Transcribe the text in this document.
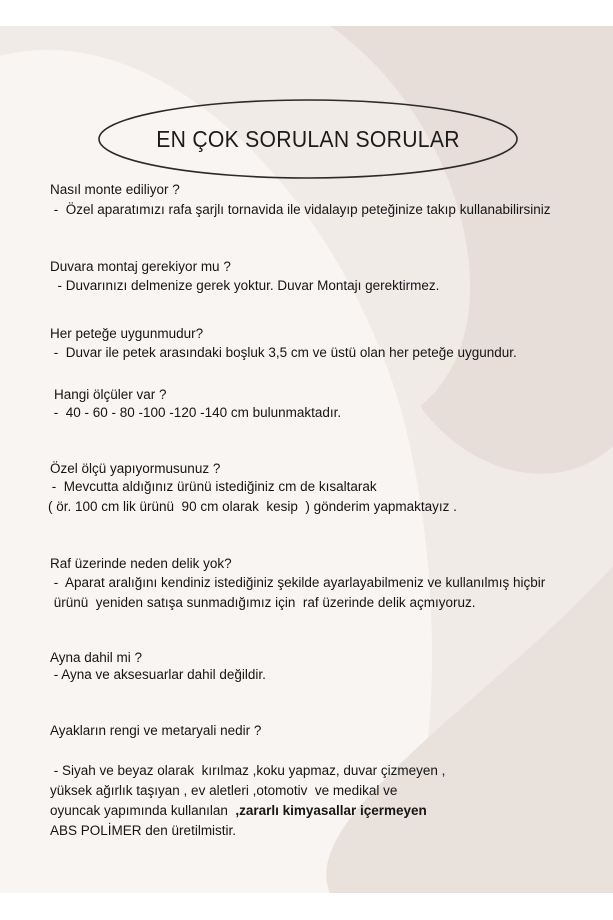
EN ÇOK SORULAN SORULAR
Nasıl monte ediliyor ?
-  Özel aparatımızı rafa şarjlı tornavida ile vidalayıp peteğinize takıp kullanabilirsiniz
Duvara montaj gerekiyor mu ?
- Duvarınızı delmenize gerek yoktur. Duvar Montajı gerektirmez.
Her peteğe uygunmudur?
-  Duvar ile petek arasındaki boşluk 3,5 cm ve üstü olan her peteğe uygundur.
Hangi ölçüler var ?
-  40 - 60 - 80 -100 -120 -140 cm bulunmaktadır.
Özel ölçü yapıyormusunuz ?
-  Mevcutta aldığınız ürünü istediğiniz cm de kısaltarak
( ör. 100 cm lik ürünü  90 cm olarak  kesip  ) gönderim yapmaktayız .
Raf üzerinde neden delik yok?
-  Aparat aralığını kendiniz istediğiniz şekilde ayarlayabilmeniz ve kullanılmış hiçbir
ürünü  yeniden satışa sunmadığımız için  raf üzerinde delik açmıyoruz.
Ayna dahil mi ?
- Ayna ve aksesuarlar dahil değildir.
Ayakların rengi ve metaryali nedir ?
- Siyah ve beyaz olarak  kırılmaz ,koku yapmaz, duvar çizmeyen ,
yüksek ağırlık taşıyan , ev aletleri ,otomotiv  ve medikal ve
oyuncak yapımında kullanılan  ,zararlı kimyasallar içermeyen
ABS POLİMER den üretilmistir.
